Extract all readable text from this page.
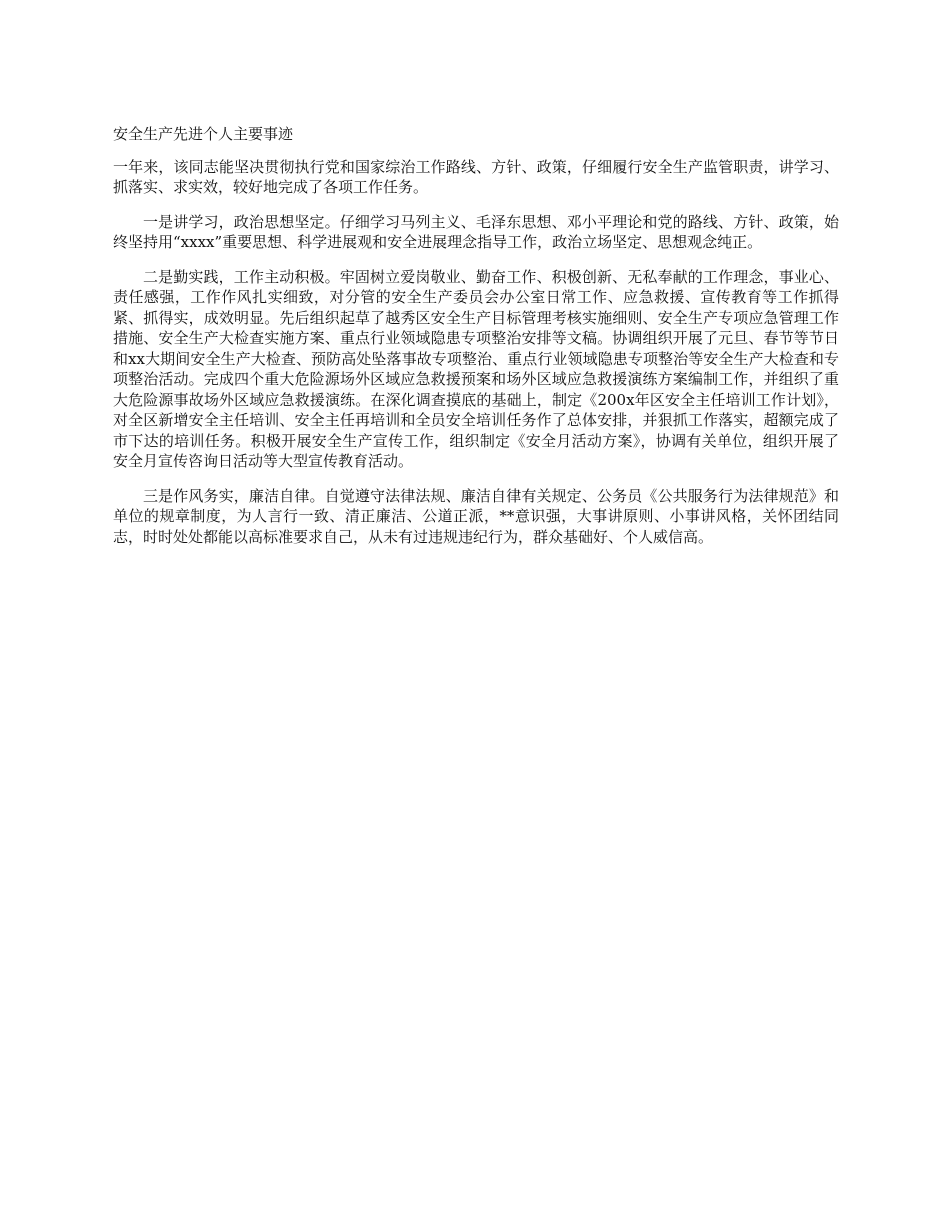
安全生产先进个人主要事迹

一年来，该同志能坚决贯彻执行党和国家综治工作路线、方针、政策，仔细履行安全生产监管职责，讲学习、抓落实、求实效，较好地完成了各项工作任务。

一是讲学习，政治思想坚定。仔细学习马列主义、毛泽东思想、邓小平理论和党的路线、方针、政策，始终坚持用“xxxx”重要思想、科学进展观和安全进展理念指导工作，政治立场坚定、思想观念纯正。

二是勤实践，工作主动积极。牢固树立爱岗敬业、勤奋工作、积极创新、无私奉献的工作理念，事业心、责任感强，工作作风扎实细致，对分管的安全生产委员会办公室日常工作、应急救援、宣传教育等工作抓得紧、抓得实，成效明显。先后组织起草了越秀区安全生产目标管理考核实施细则、安全生产专项应急管理工作措施、安全生产大检查实施方案、重点行业领域隐患专项整治安排等文稿。协调组织开展了元旦、春节等节日和xx大期间安全生产大检查、预防高处坠落事故专项整治、重点行业领域隐患专项整治等安全生产大检查和专项整治活动。完成四个重大危险源场外区域应急救援预案和场外区域应急救援演练方案编制工作，并组织了重大危险源事故场外区域应急救援演练。在深化调查摸底的基础上，制定《200x年区安全主任培训工作计划》，对全区新增安全主任培训、安全主任再培训和全员安全培训任务作了总体安排，并狠抓工作落实，超额完成了市下达的培训任务。积极开展安全生产宣传工作，组织制定《安全月活动方案》，协调有关单位，组织开展了安全月宣传咨询日活动等大型宣传教育活动。

三是作风务实，廉洁自律。自觉遵守法律法规、廉洁自律有关规定、公务员《公共服务行为法律规范》和单位的规章制度，为人言行一致、清正廉洁、公道正派，**意识强，大事讲原则、小事讲风格，关怀团结同志，时时处处都能以高标准要求自己，从未有过违规违纪行为，群众基础好、个人威信高。
